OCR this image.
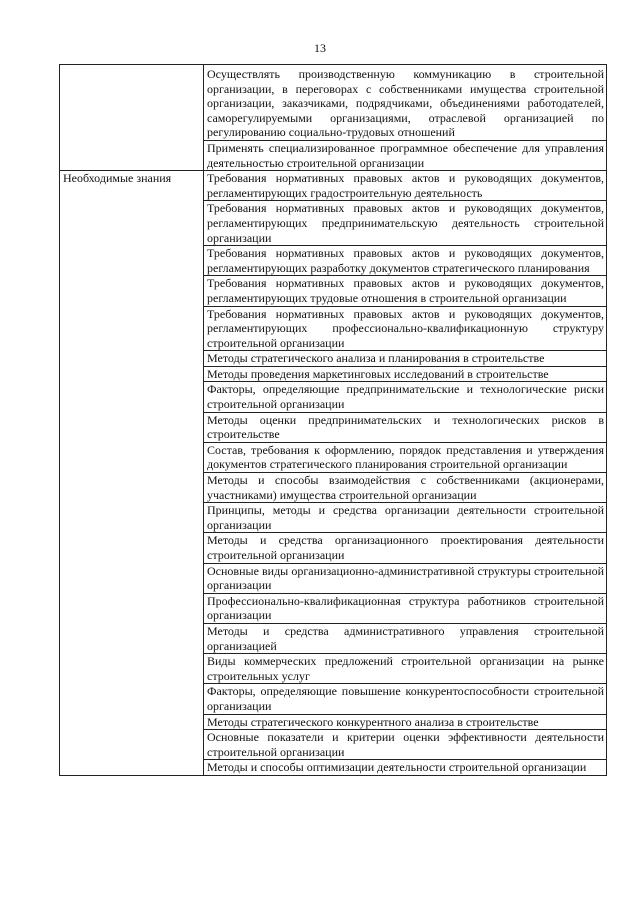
13
	Осуществлять производственную коммуникацию в строительной организации, в переговорах с собственниками имущества строительной организации, заказчиками, подрядчиками, объединениями работодателей, саморегулируемыми организациями, отраслевой организацией по регулированию социально-трудовых отношений
	Применять специализированное программное обеспечение для управления деятельностью строительной организации
Необходимые знания	Требования нормативных правовых актов и руководящих документов, регламентирующих градостроительную деятельность
	Требования нормативных правовых актов и руководящих документов, регламентирующих предпринимательскую деятельность строительной организации
	Требования нормативных правовых актов и руководящих документов, регламентирующих разработку документов стратегического планирования
	Требования нормативных правовых актов и руководящих документов, регламентирующих трудовые отношения в строительной организации
	Требования нормативных правовых актов и руководящих документов, регламентирующих профессионально-квалификационную структуру строительной организации
	Методы стратегического анализа и планирования в строительстве
	Методы проведения маркетинговых исследований в строительстве
	Факторы, определяющие предпринимательские и технологические риски строительной организации
	Методы оценки предпринимательских и технологических рисков в строительстве
	Состав, требования к оформлению, порядок представления и утверждения документов стратегического планирования строительной организации
	Методы и способы взаимодействия с собственниками (акционерами, участниками) имущества строительной организации
	Принципы, методы и средства организации деятельности строительной организации
	Методы и средства организационного проектирования деятельности строительной организации
	Основные виды организационно-административной структуры строительной организации
	Профессионально-квалификационная структура работников строительной организации
	Методы и средства административного управления строительной организацией
	Виды коммерческих предложений строительной организации на рынке строительных услуг
	Факторы, определяющие повышение конкурентоспособности строительной организации
	Методы стратегического конкурентного анализа в строительстве
	Основные показатели и критерии оценки эффективности деятельности строительной организации
	Методы и способы оптимизации деятельности строительной организации
